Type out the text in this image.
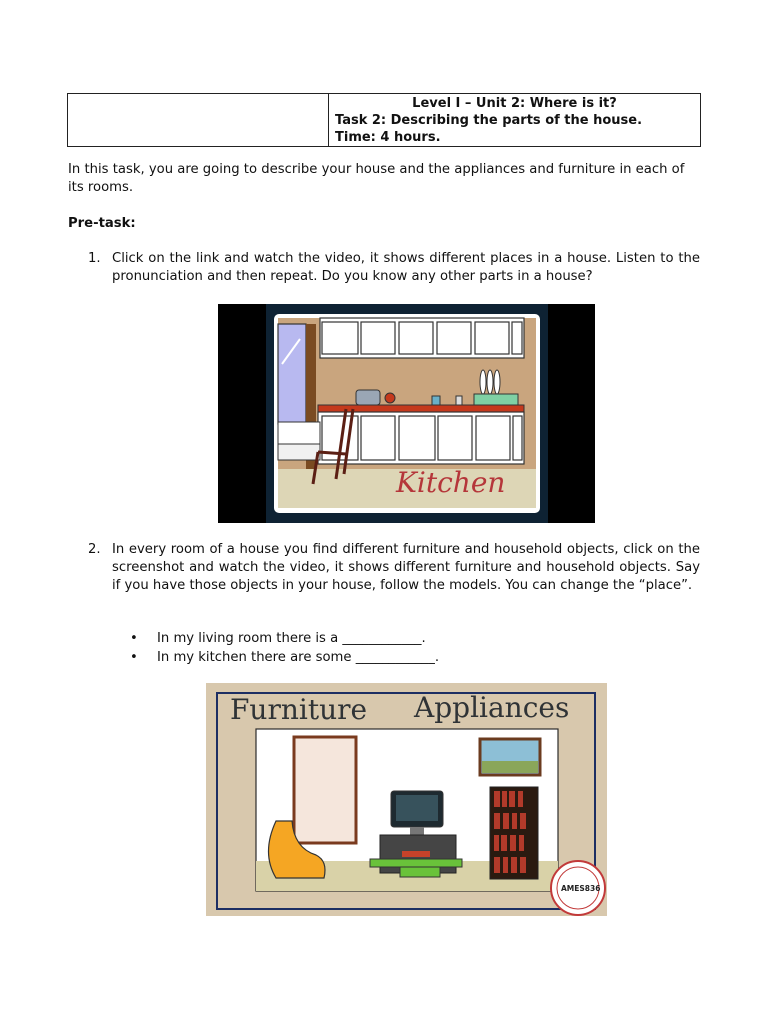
Level I – Unit 2: Where is it?
Task 2: Describing the parts of the house.
Time: 4 hours.

In this task, you are going to describe your house and the appliances and furniture in each of its rooms.

Pre-task:

1. Click on the link and watch the video, it shows different places in a house. Listen to the pronunciation and then repeat. Do you know any other parts in a house?
Kitchen
2. In every room of a house you find different furniture and household objects, click on the screenshot and watch the video, it shows different furniture and household objects. Say if you have those objects in your house, follow the models. You can change the “place”.
• In my living room there is a ____________.
• In my kitchen there are some ____________.
Furniture Appliances
AMES836
